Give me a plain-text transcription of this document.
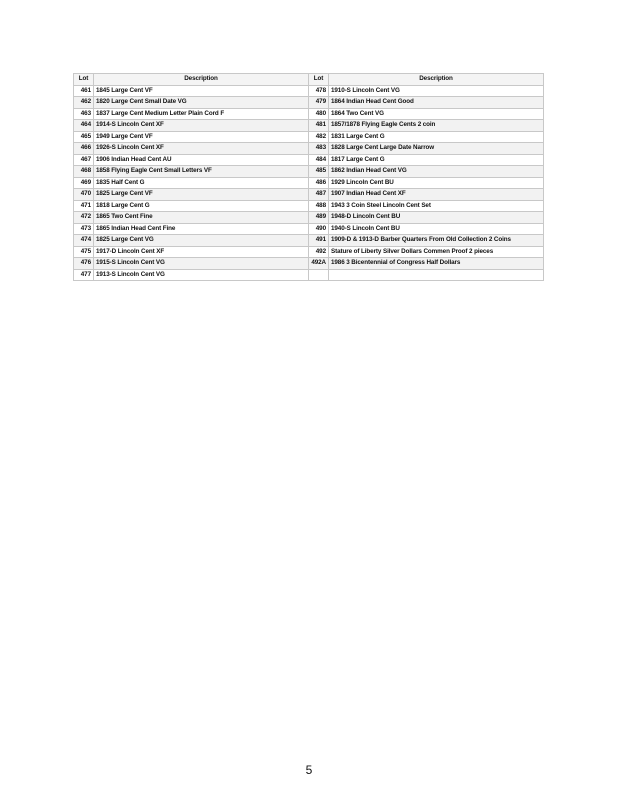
Lot	Description	Lot	Description
461	1845 Large Cent VF	478	1910-S Lincoln Cent VG
462	1820 Large Cent Small Date VG	479	1864 Indian Head Cent Good
463	1837 Large Cent Medium Letter Plain Cord F	480	1864 Two Cent VG
464	1914-S Lincoln Cent XF	481	1857/1878 Flying Eagle Cents 2 coin
465	1949 Large Cent VF	482	1831 Large Cent G
466	1926-S Lincoln Cent XF	483	1828 Large Cent Large Date Narrow
467	1906 Indian Head Cent AU	484	1817 Large Cent G
468	1858 Flying Eagle Cent Small Letters VF	485	1862 Indian Head Cent VG
469	1835 Half Cent G	486	1929 Lincoln Cent BU
470	1825 Large Cent VF	487	1907 Indian Head Cent XF
471	1818 Large Cent G	488	1943 3 Coin Steel Lincoln Cent Set
472	1865 Two Cent Fine	489	1948-D Lincoln Cent BU
473	1865 Indian Head Cent Fine	490	1940-S Lincoln Cent BU
474	1825 Large Cent VG	491	1909-D & 1913-D Barber Quarters From Old Collection 2 Coins
475	1917-D Lincoln Cent XF	492	Stature of Liberty Silver Dollars Commen Proof 2 pieces
476	1915-S Lincoln Cent VG	492A	1986 3 Bicentennial of Congress Half Dollars
477	1913-S Lincoln Cent VG		
5
